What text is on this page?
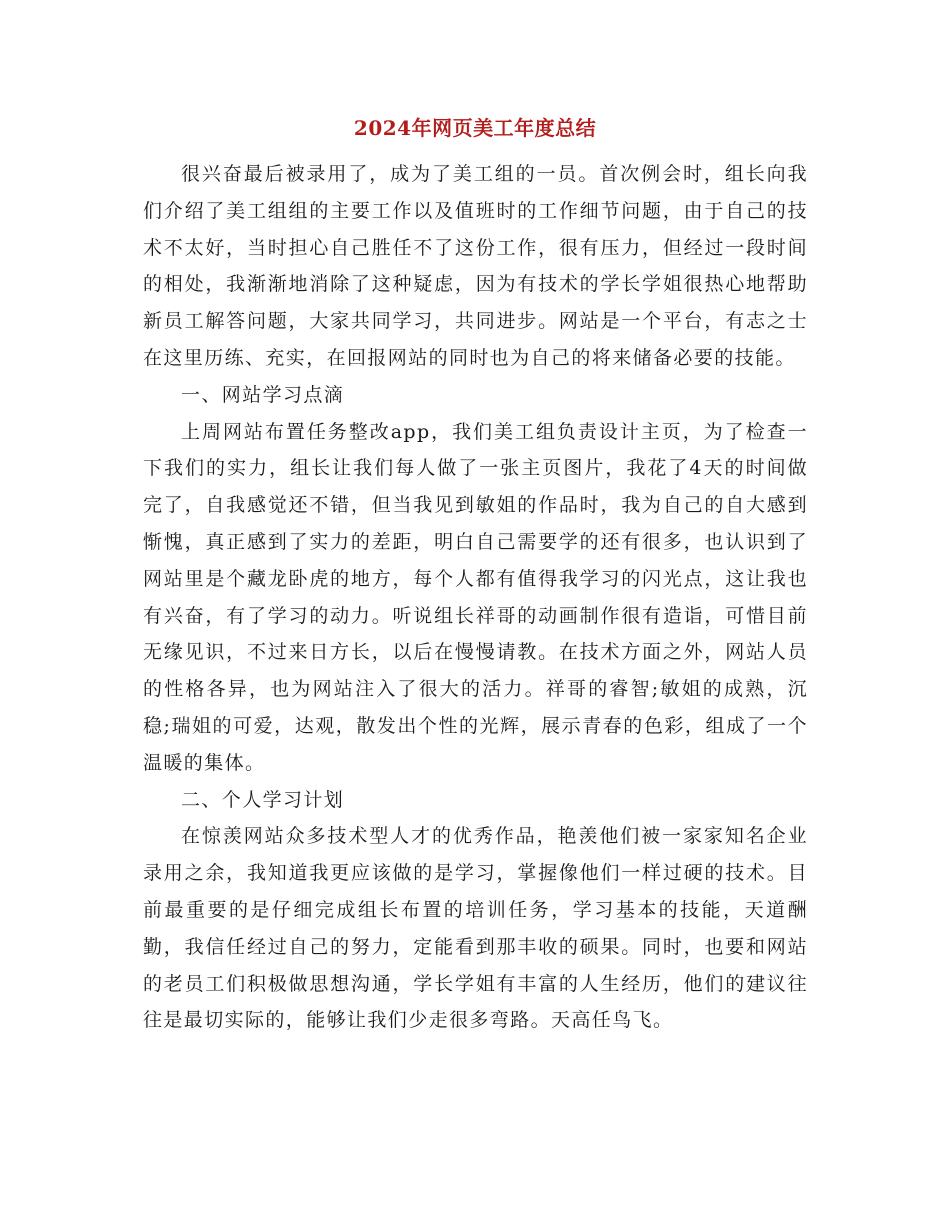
2024年网页美工年度总结

很兴奋最后被录用了，成为了美工组的一员。首次例会时，组长向我们介绍了美工组组的主要工作以及值班时的工作细节问题，由于自己的技术不太好，当时担心自己胜任不了这份工作，很有压力，但经过一段时间的相处，我渐渐地消除了这种疑虑，因为有技术的学长学姐很热心地帮助新员工解答问题，大家共同学习，共同进步。网站是一个平台，有志之士在这里历练、充实，在回报网站的同时也为自己的将来储备必要的技能。

一、网站学习点滴

上周网站布置任务整改app，我们美工组负责设计主页，为了检查一下我们的实力，组长让我们每人做了一张主页图片，我花了4天的时间做完了，自我感觉还不错，但当我见到敏姐的作品时，我为自己的自大感到惭愧，真正感到了实力的差距，明白自己需要学的还有很多，也认识到了网站里是个藏龙卧虎的地方，每个人都有值得我学习的闪光点，这让我也有兴奋，有了学习的动力。听说组长祥哥的动画制作很有造诣，可惜目前无缘见识，不过来日方长，以后在慢慢请教。在技术方面之外，网站人员的性格各异，也为网站注入了很大的活力。祥哥的睿智;敏姐的成熟，沉稳;瑞姐的可爱，达观，散发出个性的光辉，展示青春的色彩，组成了一个温暖的集体。

二、个人学习计划

在惊羡网站众多技术型人才的优秀作品，艳羡他们被一家家知名企业录用之余，我知道我更应该做的是学习，掌握像他们一样过硬的技术。目前最重要的是仔细完成组长布置的培训任务，学习基本的技能，天道酬勤，我信任经过自己的努力，定能看到那丰收的硕果。同时，也要和网站的老员工们积极做思想沟通，学长学姐有丰富的人生经历，他们的建议往往是最切实际的，能够让我们少走很多弯路。天高任鸟飞。
